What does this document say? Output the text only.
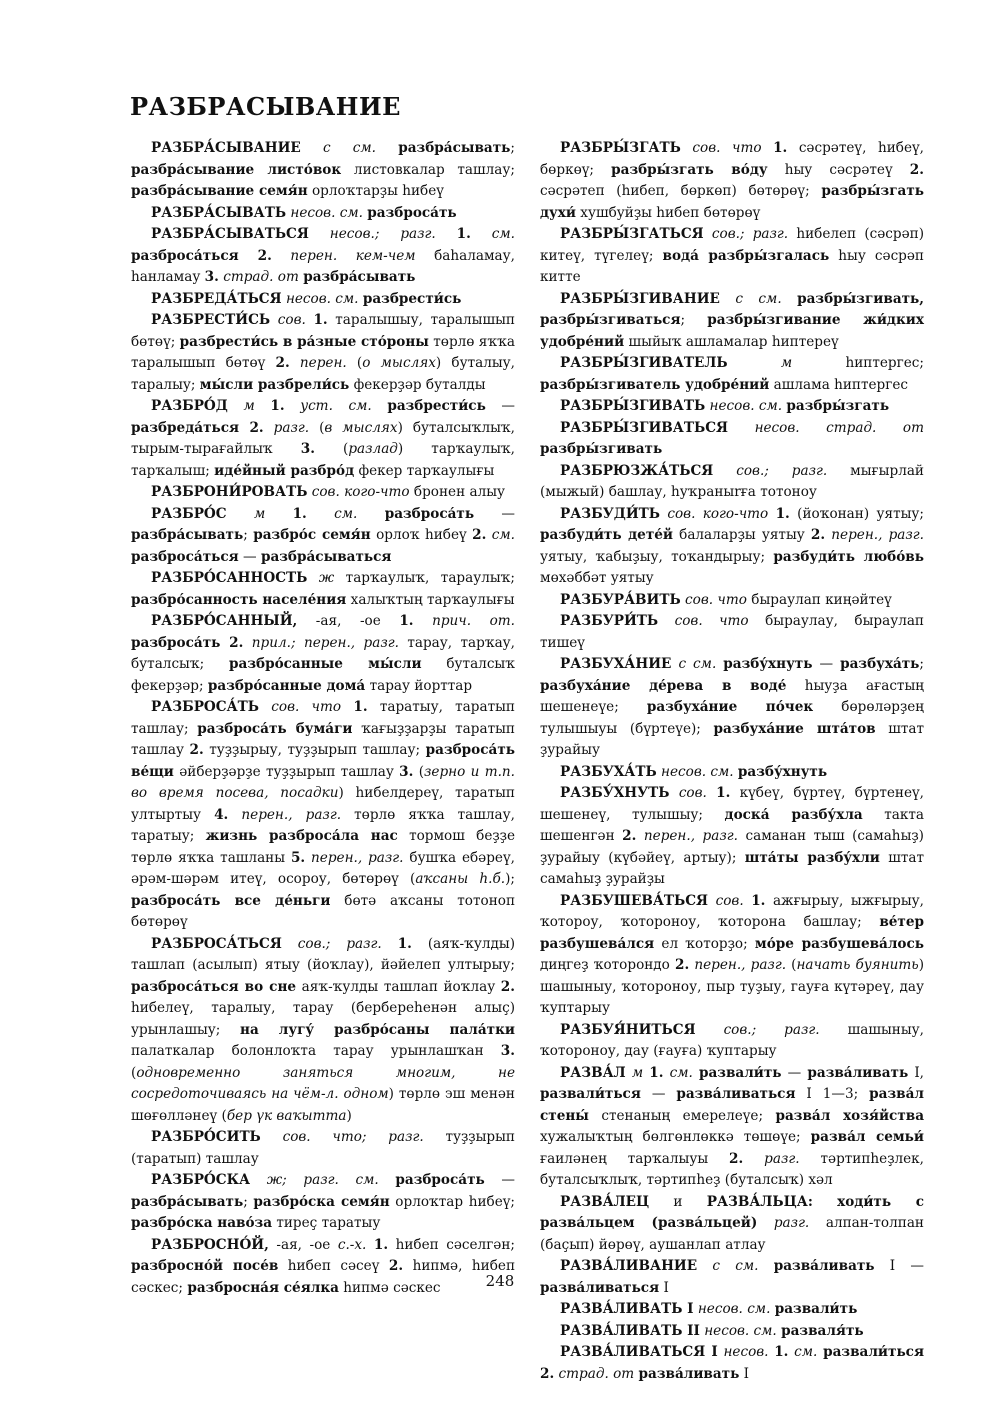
РАЗБРАСЫВАНИЕ

РАЗБРА́СЫВАНИЕ с см. разбра́сывать; разбра́сывание листо́вок листовкалар ташлау; разбра́сывание семя́н орлоҡтарҙы һибеү

РАЗБРА́СЫВАТЬ несов. см. разброса́ть

РАЗБРА́СЫВАТЬСЯ несов.; разг. 1. см. разброса́ться 2. перен. кем-чем баһаламау, һанламау 3. страд. от разбра́сывать

РАЗБРЕДА́ТЬСЯ несов. см. разбрести́сь

РАЗБРЕСТИ́СЬ сов. 1. таралышыу, таралышып бөтөү; разбрести́сь в ра́зные сто́роны төрлө яҡҡа таралышып бөтөү 2. перен. (о мыслях) буталыу, таралыу; мы́сли разбрели́сь фекерҙәр буталды

РАЗБРО́Д м 1. уст. см. разбрести́сь — разбреда́ться 2. разг. (в мыслях) буталсыҡлыҡ, тырым-тырағайлыҡ 3. (разлад) тарҡаулыҡ, тарҡалыш; иде́йный разбро́д фекер тарҡаулығы

РАЗБРОНИ́РОВАТЬ сов. кого-что бронен алыу

РАЗБРО́С м 1. см. разброса́ть — разбра́сывать; разбро́с семя́н орлоҡ һибеү 2. см. разброса́ться — разбра́сываться

РАЗБРО́САННОСТЬ ж тарҡаулыҡ, тараулыҡ; разбро́санность населе́ния халыҡтың тарҡаулығы

РАЗБРО́САННЫЙ, -ая, -ое 1. прич. от. разброса́ть 2. прил.; перен., разг. тарау, тарҡау, буталсыҡ; разбро́санные мы́сли буталсыҡ фекерҙәр; разбро́санные дома́ тарау йорттар

РАЗБРОСА́ТЬ сов. что 1. таратыу, таратып ташлау; разброса́ть бума́ги ҡағыҙҙарҙы таратып ташлау 2. туҙҙырыу, туҙҙырып ташлау; разброса́ть ве́щи әйберҙәрҙе туҙҙырып ташлау 3. (зерно и т.п. во время посева, посадки) һибелдереү, таратып ултыртыу 4. перен., разг. төрлө яҡҡа ташлау, таратыу; жизнь разброса́ла нас тормош беҙҙе төрлө яҡҡа ташланы 5. перен., разг. бушҡа ебәреү, әрәм-шәрәм итеү, осороу, бөтөрөү (аҡсаны һ.б.); разброса́ть все де́ньги бөтә аҡсаны тотоноп бөтөрөү

РАЗБРОСА́ТЬСЯ сов.; разг. 1. (аяҡ-ҡулды) ташлап (асылып) ятыу (йоҡлау), йәйелеп ултырыу; разброса́ться во сне аяҡ-ҡулды ташлап йоҡлау 2. һибелеү, таралыу, тарау (бербереһенән алыҫ) урынлашыу; на лугу́ разбро́саны пала́тки палаткалар болонлоҡта тарау урынлашҡан 3. (одновременно заняться многим, не сосредоточиваясь на чём-л. одном) төрлө эш менән шөғөлләнеү (бер үк ваҡытта)

РАЗБРО́СИТЬ сов. что; разг. туҙҙырып (таратып) ташлау

РАЗБРО́СКА ж; разг. см. разброса́ть — разбра́сывать; разбро́ска семя́н орлоҡтар һибеү; разбро́ска наво́за тиреҫ таратыу

РАЗБРОСНО́Й, -ая, -ое с.-х. 1. һибеп сәселгән; разбросно́й посе́в һибеп сәсеү 2. һипмә, һибеп сәскес; разбросна́я се́ялка һипмә сәскес

РАЗБРЫ́ЗГАТЬ сов. что 1. сәсрәтеү, һибеү, бөркөү; разбры́згать во́ду һыу сәсрәтеү 2. сәсрәтеп (һибеп, бөркөп) бөтөрөү; разбры́згать духи́ хушбуйҙы һибеп бөтөрөү

РАЗБРЫ́ЗГАТЬСЯ сов.; разг. һибелеп (сәсрәп) китеү, түгелеү; вода́ разбры́згалась һыу сәсрәп китте

РАЗБРЫ́ЗГИВАНИЕ с см. разбры́згивать, разбры́згиваться; разбры́згивание жи́дких удобре́ний шыйыҡ ашламалар һиптереү

РАЗБРЫ́ЗГИВАТЕЛЬ	м һиптергес; разбры́згиватель удобре́ний ашлама һиптергес

РАЗБРЫ́ЗГИВАТЬ несов. см. разбры́згать

РАЗБРЫ́ЗГИВАТЬСЯ несов. страд. от разбры́згивать

РАЗБРЮЗЖА́ТЬСЯ сов.; разг. мығырлай (мыжый) башлау, һуҡраныrға тотоноу

РАЗБУДИ́ТЬ сов. кого-что 1. (йоҡонан) уятыу; разбуди́ть дете́й балаларҙы уятыу 2. перен., разг. уятыу, ҡабыҙыу, тоҡандырыу; разбуди́ть любо́вь мөхәббәт уятыу

РАЗБУРА́ВИТЬ сов. что быраулап киңәйтеү

РАЗБУРИ́ТЬ сов. что быраулау, быраулап тишеү

РАЗБУХА́НИЕ с см. разбу́хнуть — разбуха́ть; разбуха́ние де́рева в воде́ һыуҙа ағастың шешенеүе; разбуха́ние по́чек бөрөләрҙең тулышыуы (бүртеүе); разбуха́ние шта́тов штат ҙурайыу

РАЗБУХА́ТЬ несов. см. разбу́хнуть

РАЗБУ́ХНУТЬ сов. 1. күбеү, бүртеү, бүртенеү, шешенеү, тулышыу; доска́ разбу́хла такта шешенгән 2. перен., разг. саманан тыш (самаһыҙ) ҙурайыу (күбәйеү, артыу); шта́ты разбу́хли штат самаһыҙ ҙурайҙы

РАЗБУШЕВА́ТЬСЯ сов. 1. ажғырыу, ыжғырыу, ҡотороу, ҡотороноу, ҡоторона башлау; ве́тер разбушева́лся ел ҡоторҙо; мо́ре разбушева́лось диңгеҙ ҡоторондо 2. перен., разг. (начать буянить) шашыныу, ҡотороноу, пыр туҙыу, гауға күтәреү, дау ҡуптарыу

РАЗБУЯ́НИТЬСЯ сов.; разг. шашыныу, ҡотороноу, дау (ғауға) ҡуптарыу

РАЗВА́Л м 1. см. развали́ть — разва́ливать I, развали́ться — разва́ливаться I 1—3; разва́л стены́ стенаның емерелеүе; разва́л хозя́йства хужалыҡтың бөлгөнлөккә төшөүе; разва́л семьи́ ғаиләнең тарҡалыуы 2. разг. тәртипһеҙлек, буталсыҡлыҡ, тәртипһеҙ (буталсыҡ) хәл

РАЗВА́ЛЕЦ и РАЗВА́ЛЬЦА: ходи́ть с разва́льцем (разва́льцей) разг. алпан-толпан (баҫып) йөрөү, аушанлап атлау

РАЗВА́ЛИВАНИЕ с см. разва́ливать I — разва́ливаться I

РАЗВА́ЛИВАТЬ I несов. см. развали́ть

РАЗВА́ЛИВАТЬ II несов. см. разваля́ть

РАЗВА́ЛИВАТЬСЯ I несов. 1. см. развали́ться 2. страд. от разва́ливать I

248
